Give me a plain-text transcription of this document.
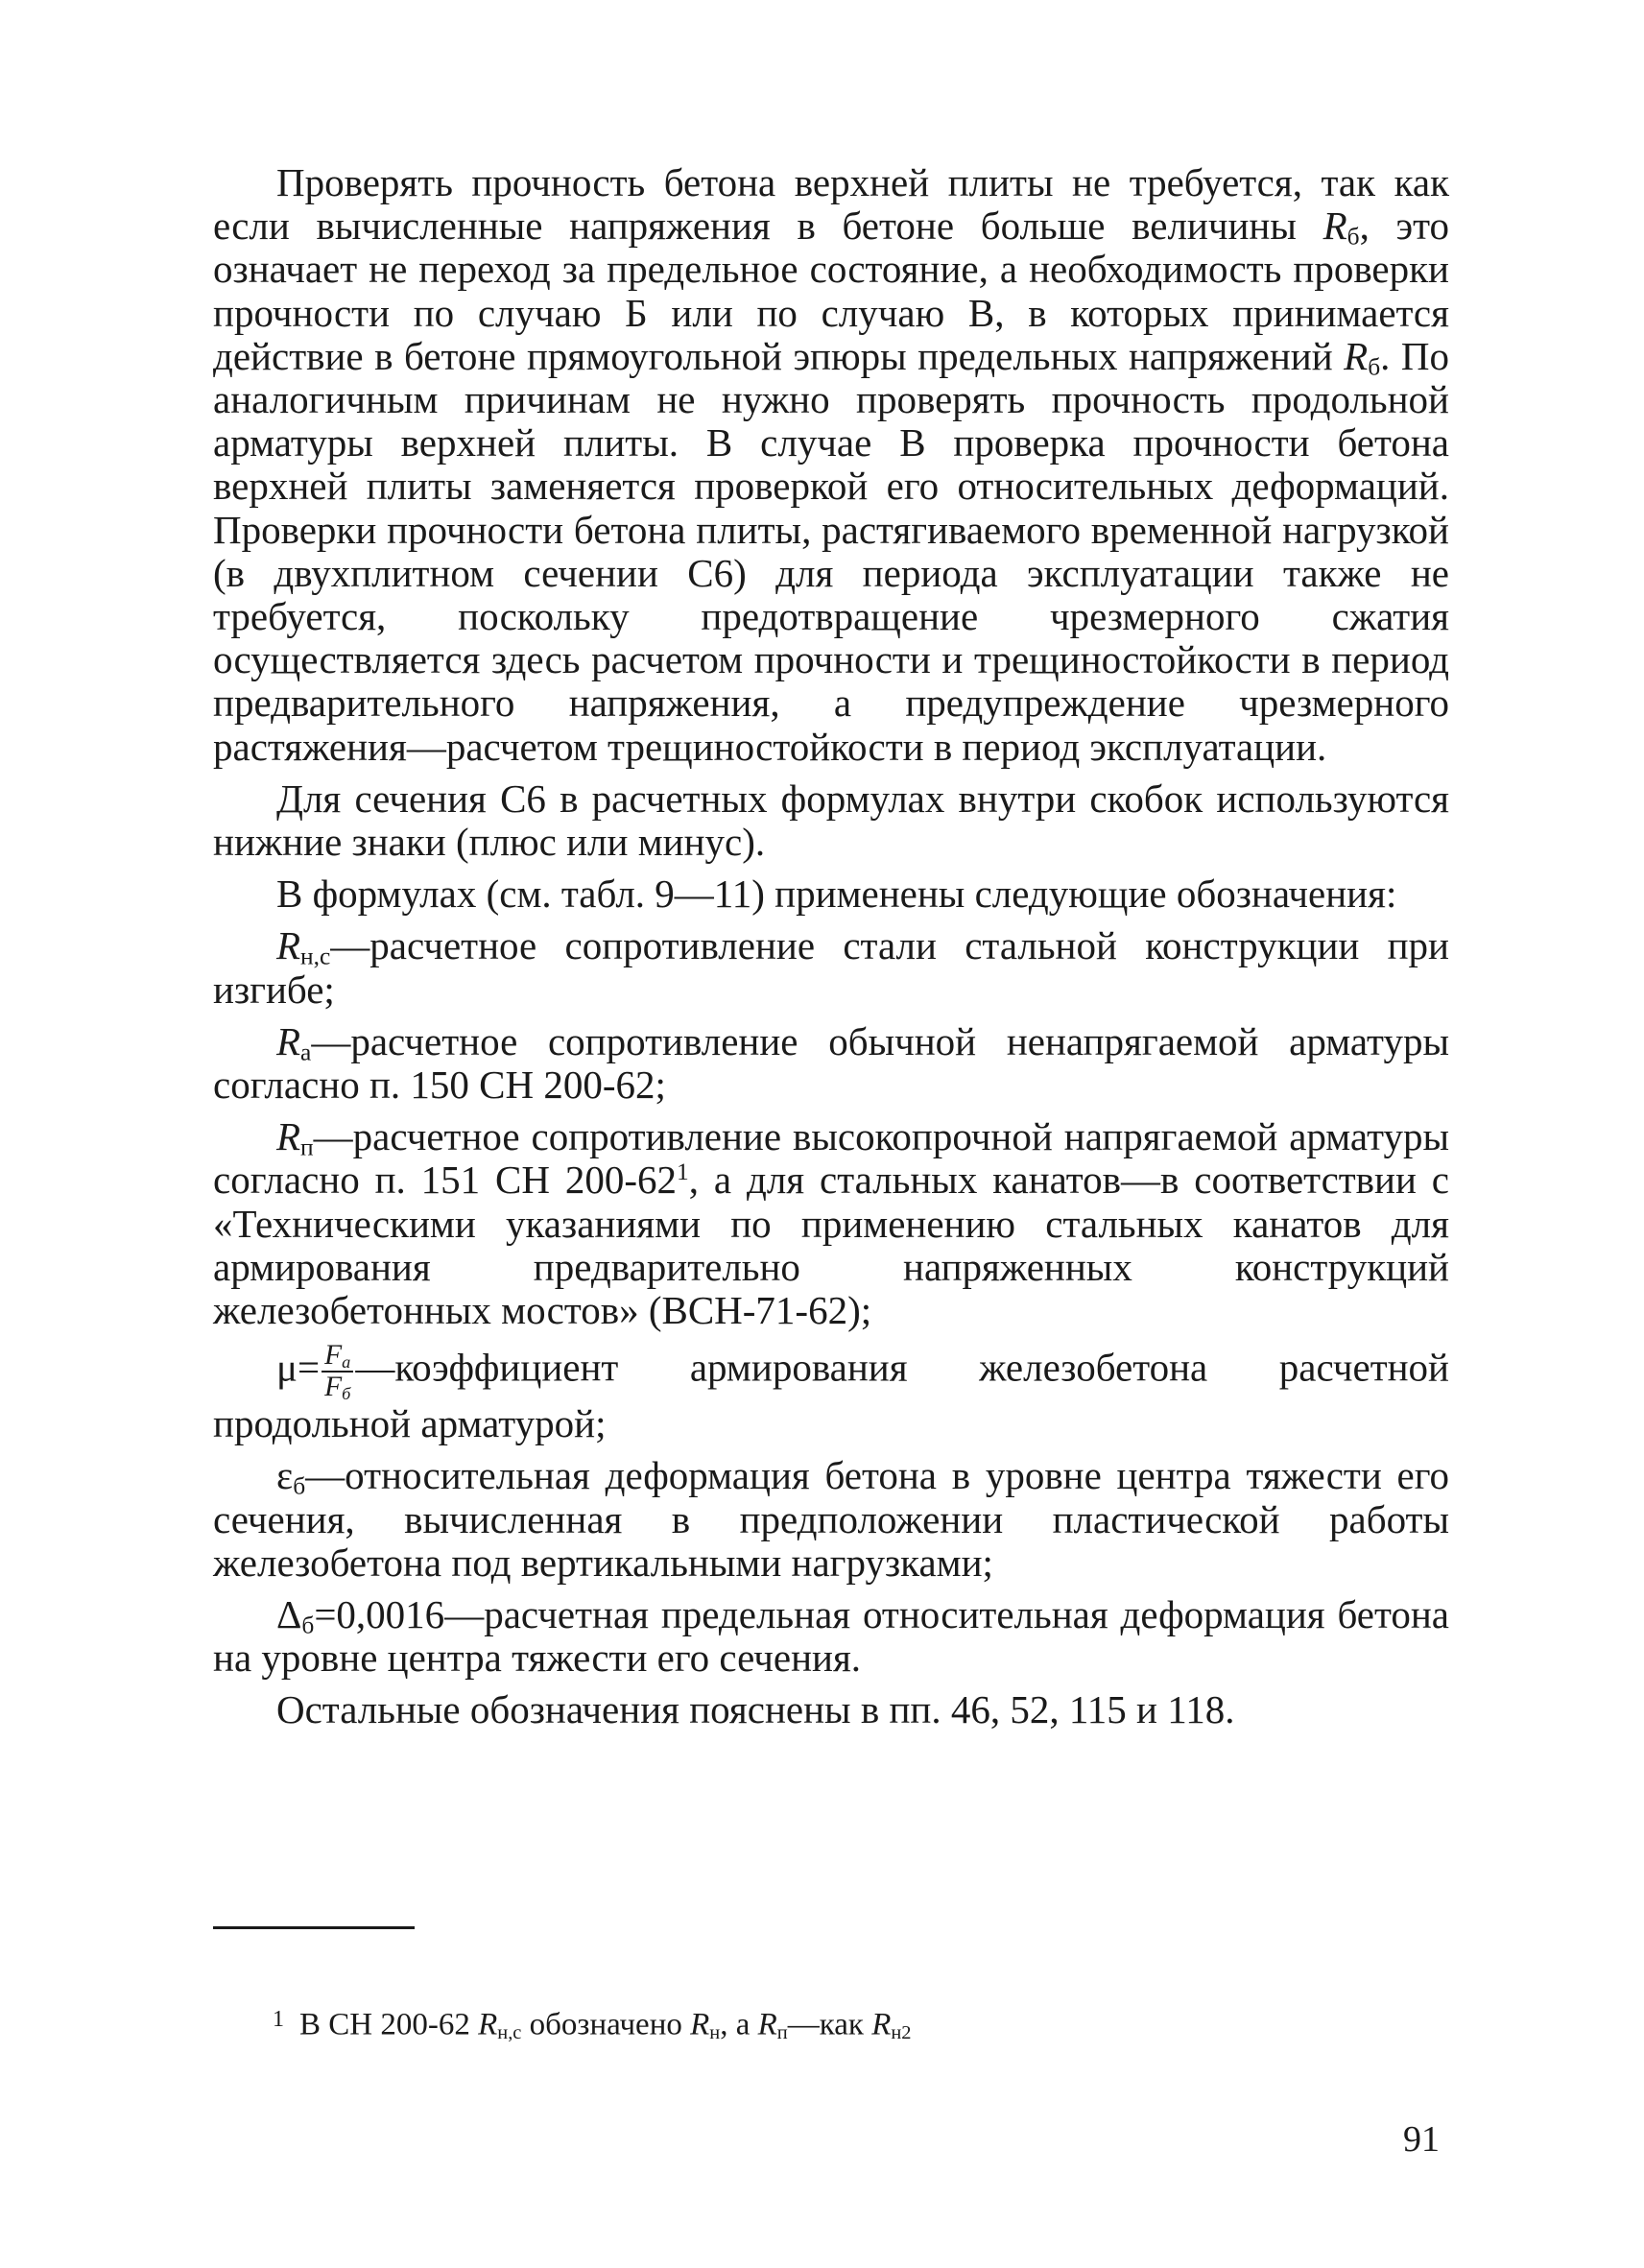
Проверять прочность бетона верхней плиты не требуется, так как если вычисленные напряжения в бетоне больше величины $R_б$, это означает не переход за предельное состояние, а необходимость проверки прочности по случаю Б или по случаю В, в которых принимается действие в бетоне прямоугольной эпюры предельных напряжений $R_б$. По аналогичным причинам не нужно проверять прочность продольной арматуры верхней плиты. В случае В проверка прочности бетона верхней плиты заменяется проверкой его относительных деформаций. Проверки прочности бетона плиты, растягиваемого временной нагрузкой (в двухплитном сечении С6) для периода эксплуатации также не требуется, поскольку предотвращение чрезмерного сжатия осуществляется здесь расчетом прочности и трещиностойкости в период предварительного напряжения, а предупреждение чрезмерного растяжения—расчетом трещиностойкости в период эксплуатации.

Для сечения С6 в расчетных формулах внутри скобок используются нижние знаки (плюс или минус).

В формулах (см. табл. 9—11) применены следующие обозначения:

$R_{н,с}—расчетное$ сопротивление стали стальной конструкции при изгибе;

$R_а—расчетное$ сопротивление обычной ненапрягаемой арматуры согласно п. 150 СН 200-62;

$R_п—расчетное$ сопротивление высокопрочной напрягаемой арматуры согласно п. 151 СН $200-62^1$, а для стальных канатов—в соответствии с «Техническими указаниями по применению стальных канатов для армирования предварительно напряженных конструкций железобетонных мостов» (ВСН-71-62);

$\mu= \frac{F_а}{F_б}$ —коэффициент армирования железобетона расчетной продольной арматурой;

$\varepsilon_б—относительная$ деформация бетона в уровне центра тяжести его сечения, вычисленная в предположении пластической работы железобетона под вертикальными нагрузками;

$\Delta_б=0,0016—расчетная$ предельная относительная деформация бетона на уровне центра тяжести его сечения.

Остальные обозначения пояснены в пп. 46, 52, 115 и 118.

$^1$ В СН 200-62 $R_{н,с}$ обозначено $R_н$, а $R_п—как$ $R_{н2}$
91
